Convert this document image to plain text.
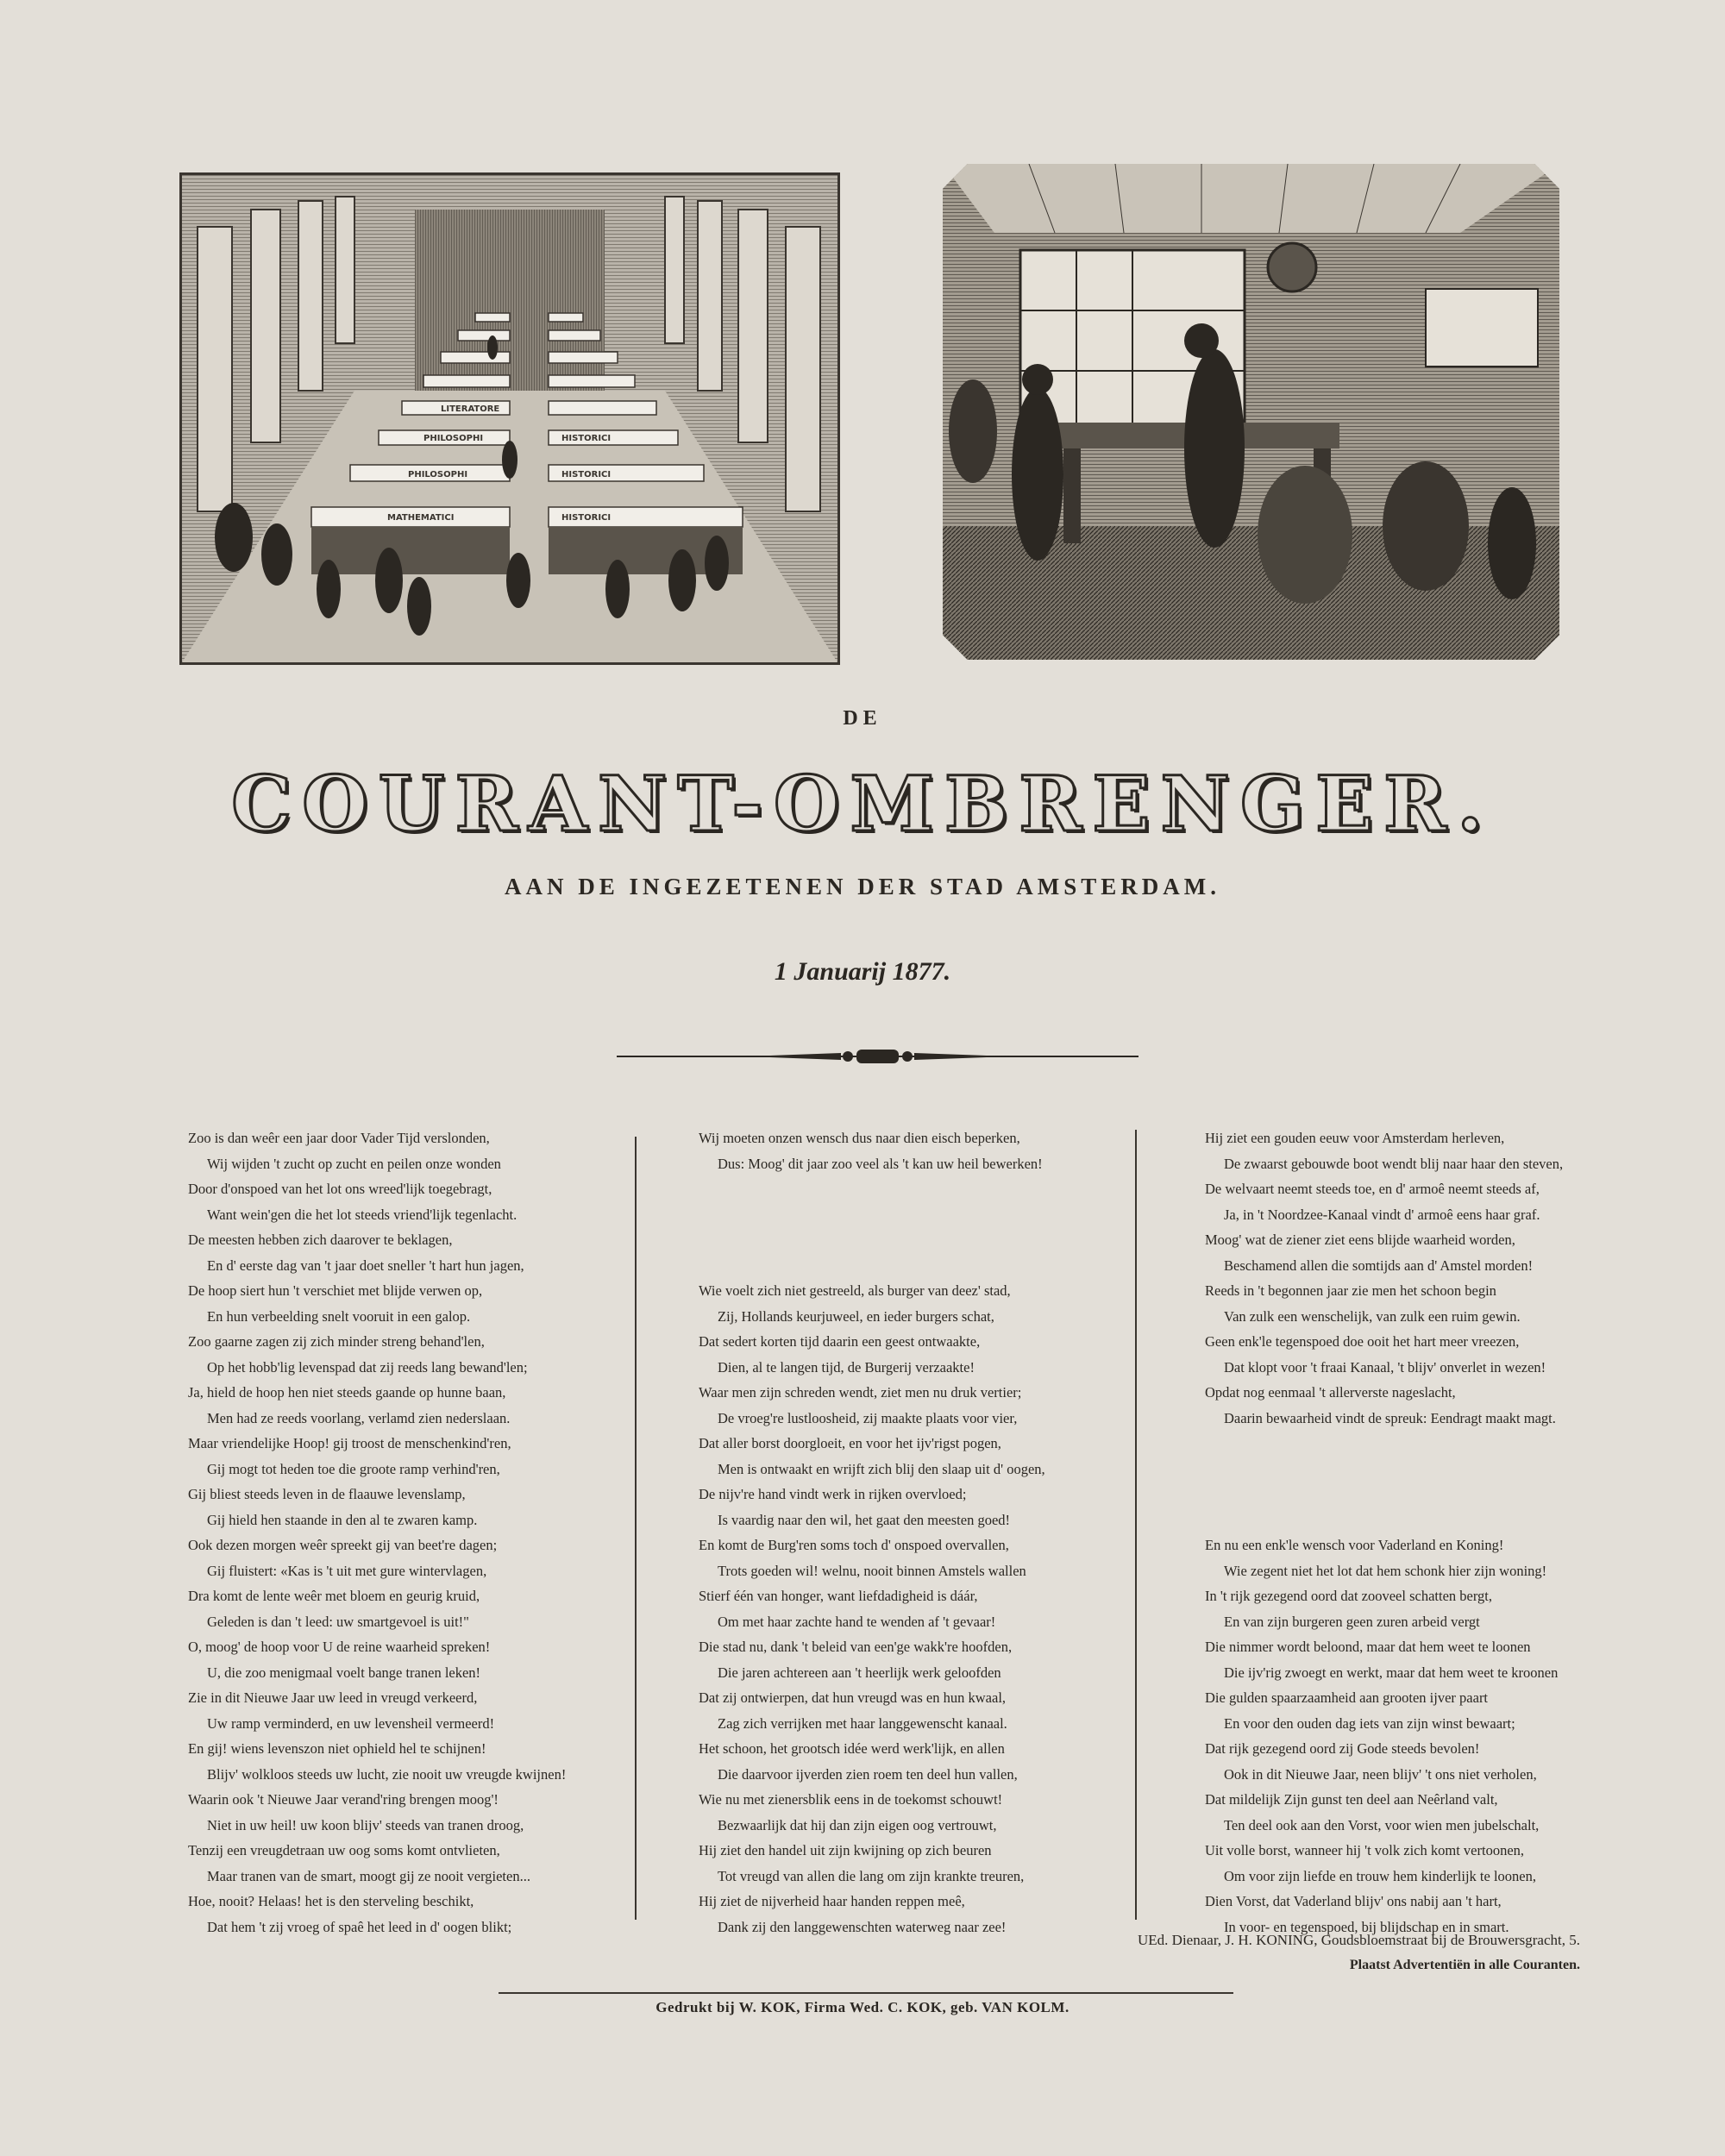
MATHEMATICI
PHILOSOPHI
PHILOSOPHI
LITERATORE
HISTORICI
HISTORICI
HISTORICI
DE
COURANT-OMBRENGER.
AAN DE INGEZETENEN DER STAD AMSTERDAM.
1 Januarij 1877.
Zoo is dan weêr een jaar door Vader Tijd verslonden,
Wij wijden 't zucht op zucht en peilen onze wonden
Door d'onspoed van het lot ons wreed'lijk toegebragt,
Want wein'gen die het lot steeds vriend'lijk tegenlacht.
De meesten hebben zich daarover te beklagen,
En d' eerste dag van 't jaar doet sneller 't hart hun jagen,
De hoop siert hun 't verschiet met blijde verwen op,
En hun verbeelding snelt vooruit in een galop.
Zoo gaarne zagen zij zich minder streng behand'len,
Op het hobb'lig levenspad dat zij reeds lang bewand'len;
Ja, hield de hoop hen niet steeds gaande op hunne baan,
Men had ze reeds voorlang, verlamd zien nederslaan.
Maar vriendelijke Hoop! gij troost de menschenkind'ren,
Gij mogt tot heden toe die groote ramp verhind'ren,
Gij bliest steeds leven in de flaauwe levenslamp,
Gij hield hen staande in den al te zwaren kamp.
Ook dezen morgen weêr spreekt gij van beet're dagen;
Gij fluistert: «Kas is 't uit met gure wintervlagen,
Dra komt de lente weêr met bloem en geurig kruid,
Geleden is dan 't leed: uw smartgevoel is uit!"
O, moog' de hoop voor U de reine waarheid spreken!
U, die zoo menigmaal voelt bange tranen leken!
Zie in dit Nieuwe Jaar uw leed in vreugd verkeerd,
Uw ramp verminderd, en uw levensheil vermeerd!
En gij! wiens levenszon niet ophield hel te schijnen!
Blijv' wolkloos steeds uw lucht, zie nooit uw vreugde kwijnen!
Waarin ook 't Nieuwe Jaar verand'ring brengen moog'!
Niet in uw heil! uw koon blijv' steeds van tranen droog,
Tenzij een vreugdetraan uw oog soms komt ontvlieten,
Maar tranen van de smart, moogt gij ze nooit vergieten...
Hoe, nooit? Helaas! het is den sterveling beschikt,
Dat hem 't zij vroeg of spaê het leed in d' oogen blikt;
Wij moeten onzen wensch dus naar dien eisch beperken,
Dus: Moog' dit jaar zoo veel als 't kan uw heil bewerken!
Wie voelt zich niet gestreeld, als burger van deez' stad,
Zij, Hollands keurjuweel, en ieder burgers schat,
Dat sedert korten tijd daarin een geest ontwaakte,
Dien, al te langen tijd, de Burgerij verzaakte!
Waar men zijn schreden wendt, ziet men nu druk vertier;
De vroeg're lustloosheid, zij maakte plaats voor vier,
Dat aller borst doorgloeit, en voor het ijv'rigst pogen,
Men is ontwaakt en wrijft zich blij den slaap uit d' oogen,
De nijv're hand vindt werk in rijken overvloed;
Is vaardig naar den wil, het gaat den meesten goed!
En komt de Burg'ren soms toch d' onspoed overvallen,
Trots goeden wil! welnu, nooit binnen Amstels wallen
Stierf één van honger, want liefdadigheid is dáár,
Om met haar zachte hand te wenden af 't gevaar!
Die stad nu, dank 't beleid van een'ge wakk're hoofden,
Die jaren achtereen aan 't heerlijk werk geloofden
Dat zij ontwierpen, dat hun vreugd was en hun kwaal,
Zag zich verrijken met haar langgewenscht kanaal.
Het schoon, het grootsch idée werd werk'lijk, en allen
Die daarvoor ijverden zien roem ten deel hun vallen,
Wie nu met zienersblik eens in de toekomst schouwt!
Bezwaarlijk dat hij dan zijn eigen oog vertrouwt,
Hij ziet den handel uit zijn kwijning op zich beuren
Tot vreugd van allen die lang om zijn krankte treuren,
Hij ziet de nijverheid haar handen reppen meê,
Dank zij den langgewenschten waterweg naar zee!
Hij ziet een gouden eeuw voor Amsterdam herleven,
De zwaarst gebouwde boot wendt blij naar haar den steven,
De welvaart neemt steeds toe, en d' armoê neemt steeds af,
Ja, in 't Noordzee-Kanaal vindt d' armoê eens haar graf.
Moog' wat de ziener ziet eens blijde waarheid worden,
Beschamend allen die somtijds aan d' Amstel morden!
Reeds in 't begonnen jaar zie men het schoon begin
Van zulk een wenschelijk, van zulk een ruim gewin.
Geen enk'le tegenspoed doe ooit het hart meer vreezen,
Dat klopt voor 't fraai Kanaal, 't blijv' onverlet in wezen!
Opdat nog eenmaal 't allerverste nageslacht,
Daarin bewaarheid vindt de spreuk: Eendragt maakt magt.
En nu een enk'le wensch voor Vaderland en Koning!
Wie zegent niet het lot dat hem schonk hier zijn woning!
In 't rijk gezegend oord dat zooveel schatten bergt,
En van zijn burgeren geen zuren arbeid vergt
Die nimmer wordt beloond, maar dat hem weet te loonen
Die ijv'rig zwoegt en werkt, maar dat hem weet te kroonen
Die gulden spaarzaamheid aan grooten ijver paart
En voor den ouden dag iets van zijn winst bewaart;
Dat rijk gezegend oord zij Gode steeds bevolen!
Ook in dit Nieuwe Jaar, neen blijv' 't ons niet verholen,
Dat mildelijk Zijn gunst ten deel aan Neêrland valt,
Ten deel ook aan den Vorst, voor wien men jubelschalt,
Uit volle borst, wanneer hij 't volk zich komt vertoonen,
Om voor zijn liefde en trouw hem kinderlijk te loonen,
Dien Vorst, dat Vaderland blijv' ons nabij aan 't hart,
In voor- en tegenspoed, bij blijdschap en in smart.
UEd. Dienaar, J. H. KONING, Goudsbloemstraat bij de Brouwersgracht, 5.
Plaatst Advertentiën in alle Couranten.
Gedrukt bij W. KOK, Firma Wed. C. KOK, geb. VAN KOLM.
